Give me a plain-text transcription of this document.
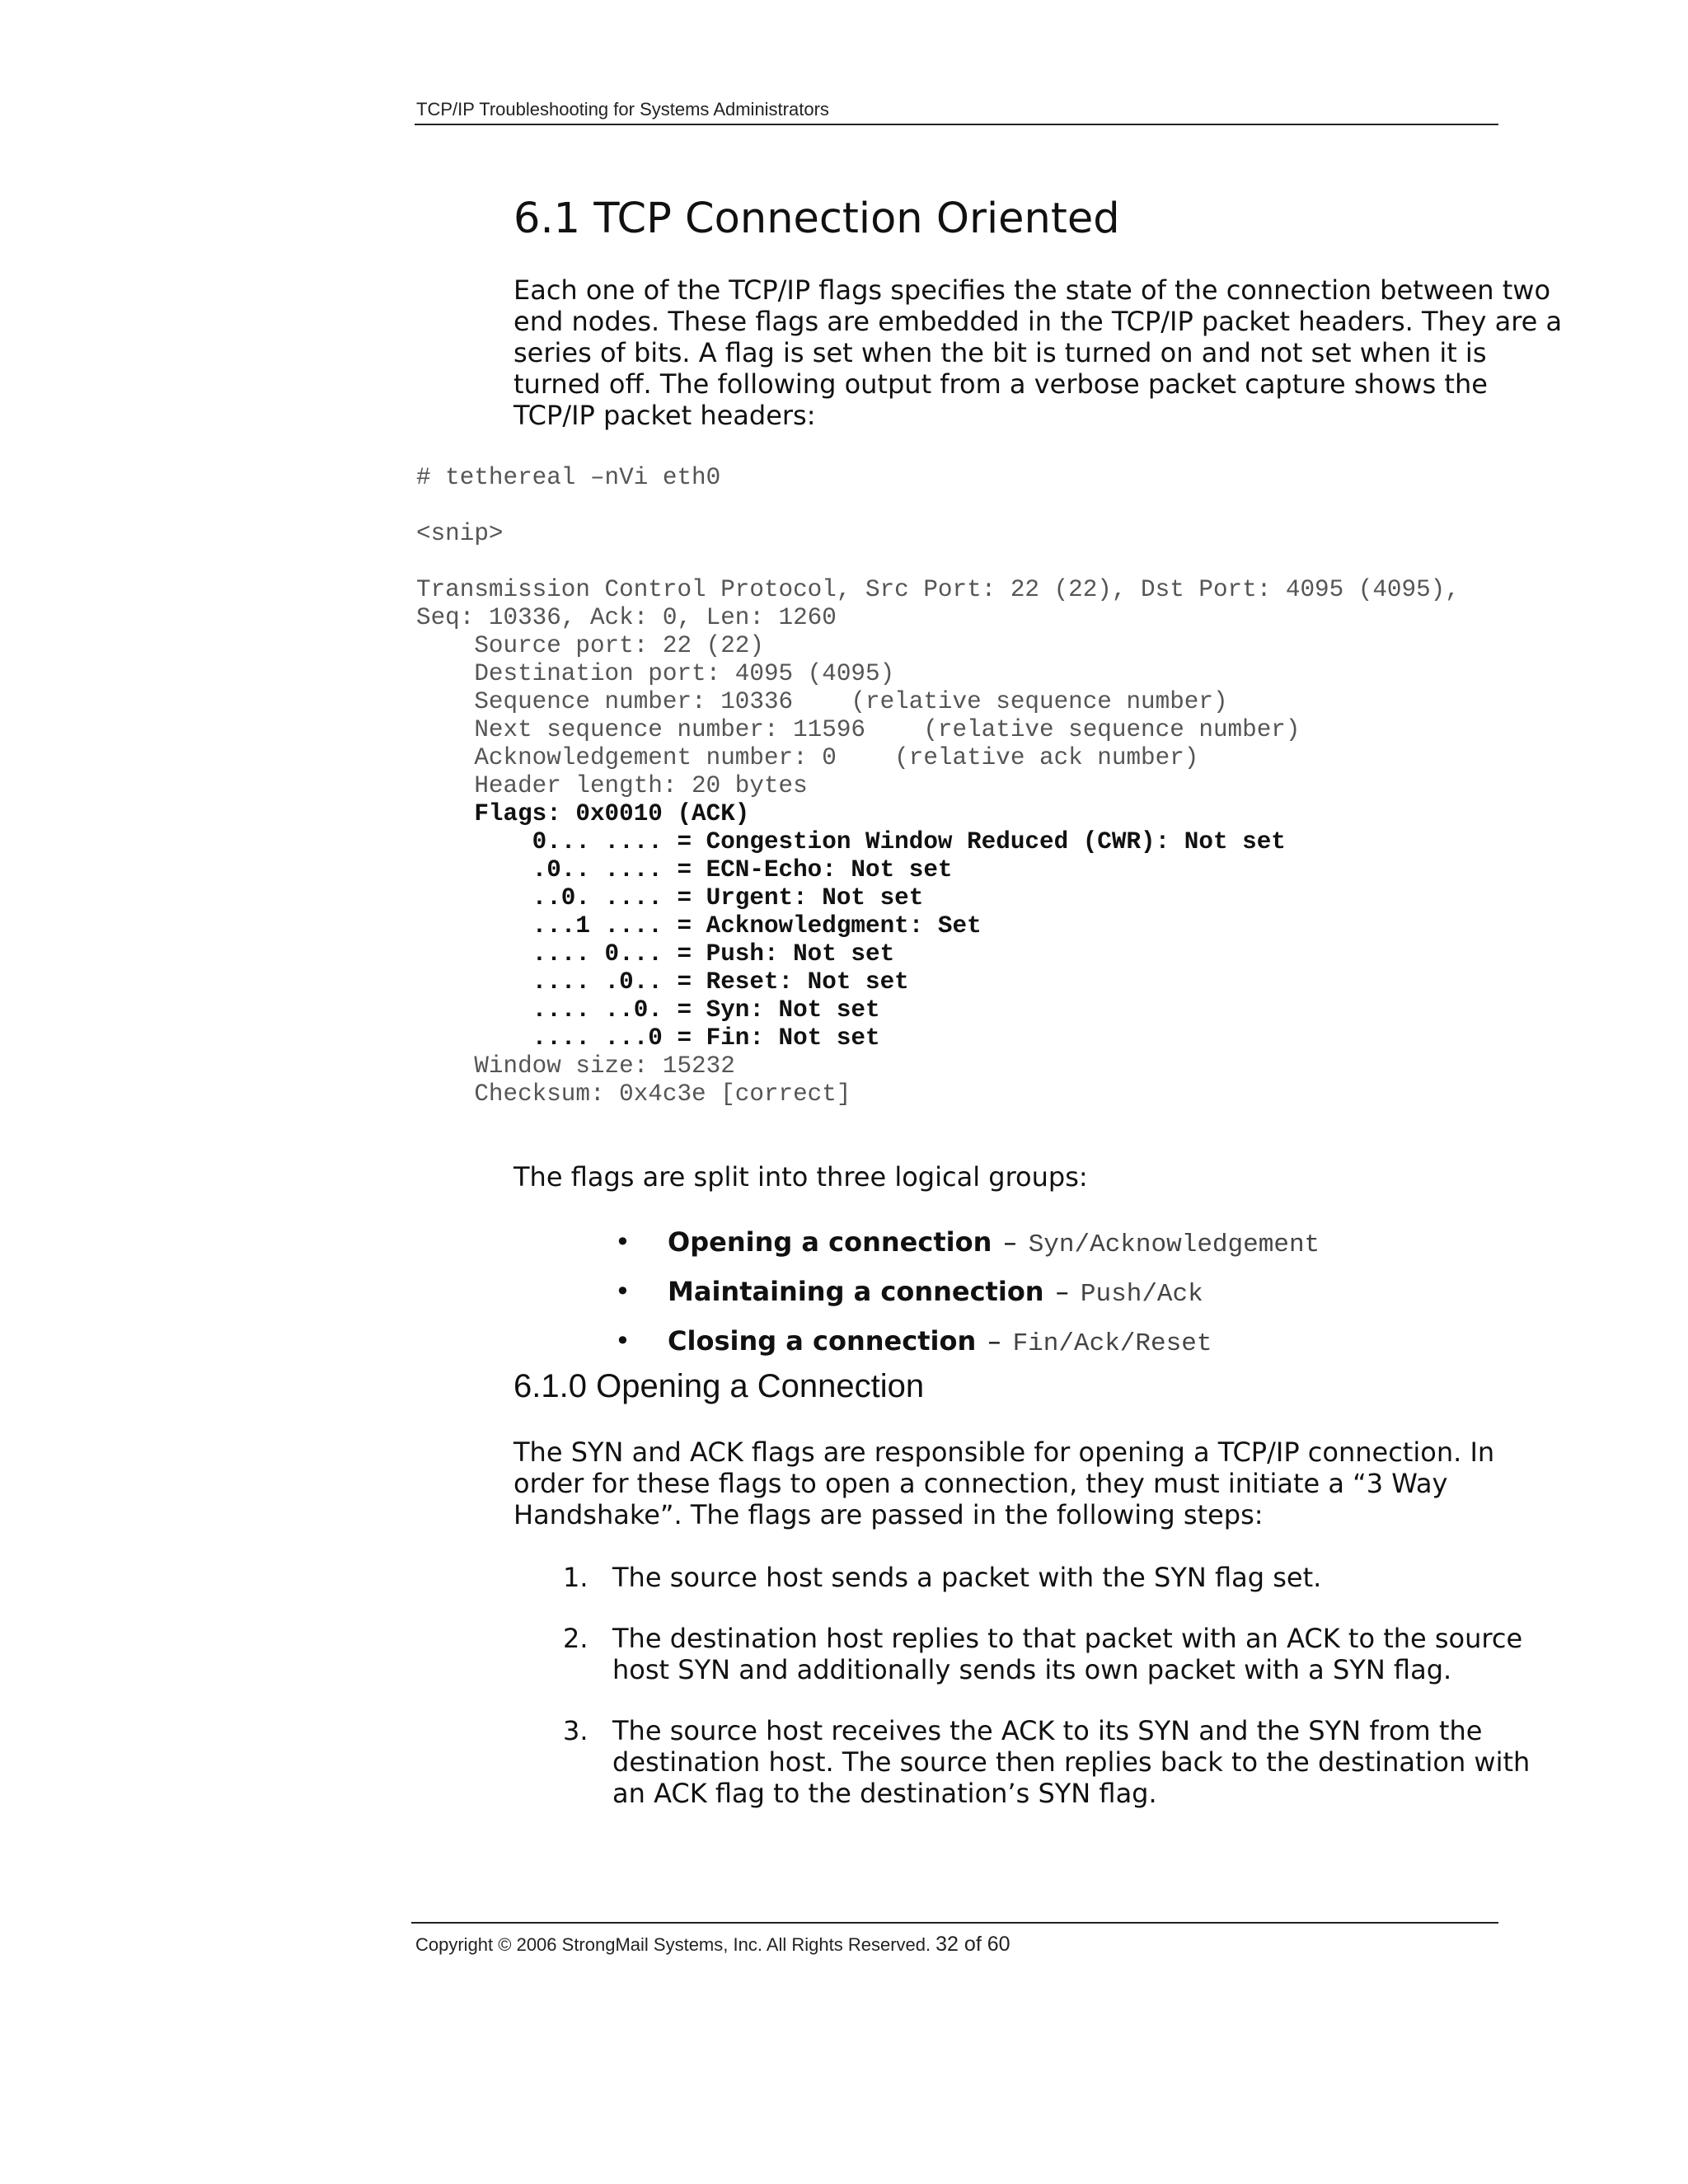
TCP/IP Troubleshooting for Systems Administrators
6.1 TCP Connection Oriented
Each one of the TCP/IP flags specifies the state of the connection between two
end nodes. These flags are embedded in the TCP/IP packet headers. They are a
series of bits. A flag is set when the bit is turned on and not set when it is
turned off. The following output from a verbose packet capture shows the
TCP/IP packet headers:
# tethereal –nVi eth0
<snip>
Transmission Control Protocol, Src Port: 22 (22), Dst Port: 4095 (4095),
Seq: 10336, Ack: 0, Len: 1260
Source port: 22 (22)
Destination port: 4095 (4095)
Sequence number: 10336    (relative sequence number)
Next sequence number: 11596    (relative sequence number)
Acknowledgement number: 0    (relative ack number)
Header length: 20 bytes
Flags: 0x0010 (ACK)
0... .... = Congestion Window Reduced (CWR): Not set
.0.. .... = ECN-Echo: Not set
..0. .... = Urgent: Not set
...1 .... = Acknowledgment: Set
.... 0... = Push: Not set
.... .0.. = Reset: Not set
.... ..0. = Syn: Not set
.... ...0 = Fin: Not set
Window size: 15232
Checksum: 0x4c3e [correct]
The flags are split into three logical groups:
• Opening a connection – Syn/Acknowledgement
• Maintaining a connection – Push/Ack
• Closing a connection – Fin/Ack/Reset
6.1.0 Opening a Connection
The SYN and ACK flags are responsible for opening a TCP/IP connection. In
order for these flags to open a connection, they must initiate a “3 Way
Handshake”. The flags are passed in the following steps:
1. The source host sends a packet with the SYN flag set.
2. The destination host replies to that packet with an ACK to the source
host SYN and additionally sends its own packet with a SYN flag.
3. The source host receives the ACK to its SYN and the SYN from the
destination host. The source then replies back to the destination with
an ACK flag to the destination’s SYN flag.
Copyright © 2006 StrongMail Systems, Inc. All Rights Reserved. 32 of 60
